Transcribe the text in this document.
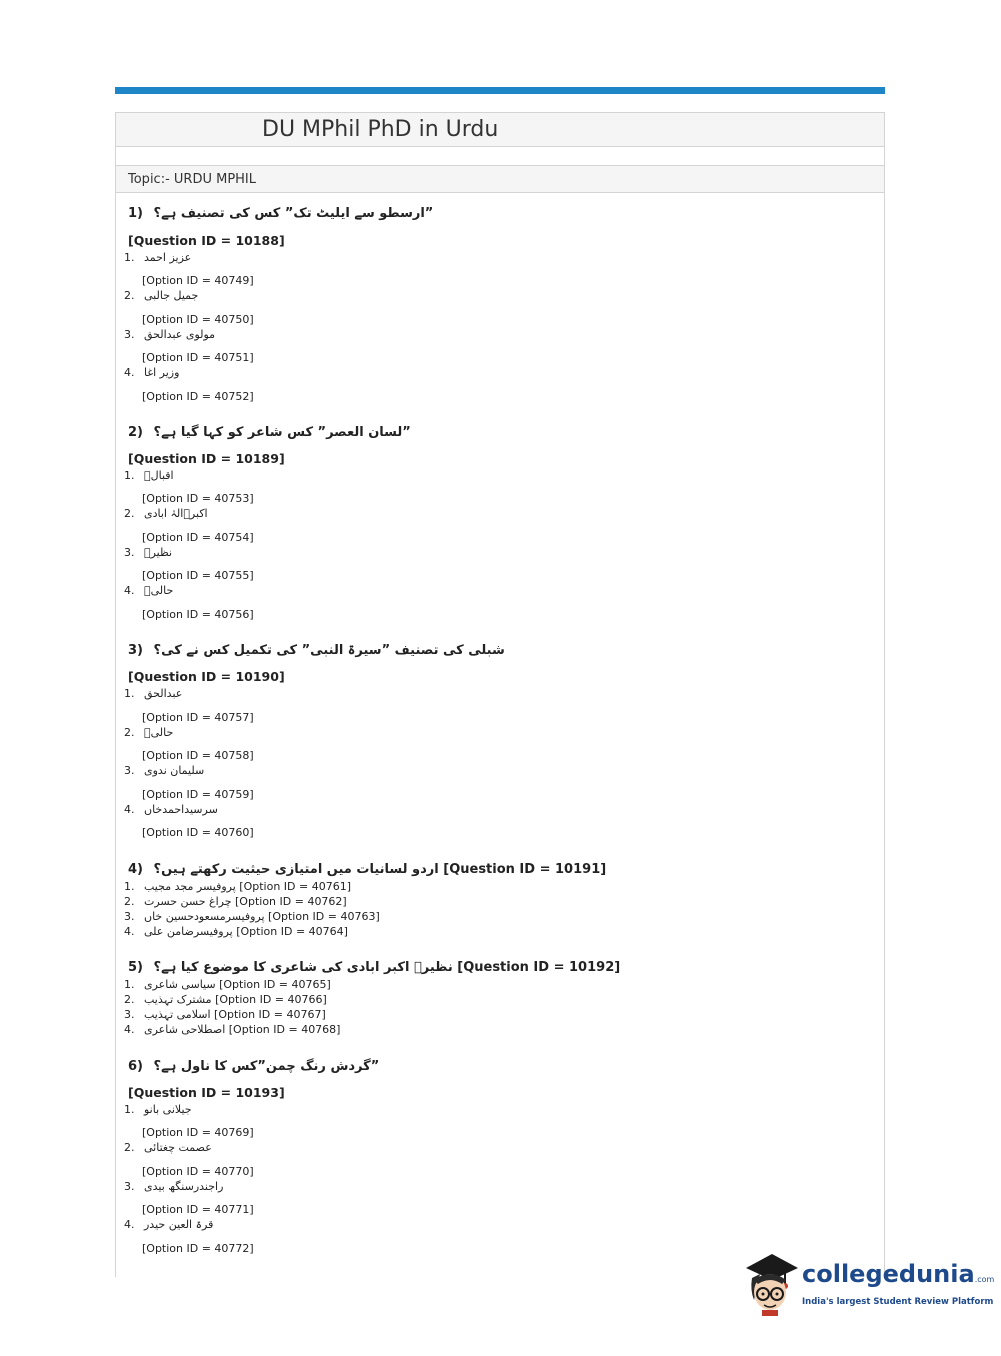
DU MPhil PhD in Urdu
Topic:- URDU MPHIL
1) ”ارسطو سے ایلیٹ تک” کس کی تصنیف ہے؟
[Question ID = 10188]
1. عزیز احمد
[Option ID = 40749]
2. جمیل جالبی
[Option ID = 40750]
3. مولوی عبدالحق
[Option ID = 40751]
4. وزیر اغا
[Option ID = 40752]
2) ”لسان العصر” کس شاعر کو کہا گیا ہے؟
[Question ID = 10189]
1. اقبالؔ
[Option ID = 40753]
2. اکبرؔالہٰ ابادی
[Option ID = 40754]
3. نظیرؔ
[Option ID = 40755]
4. حالیؔ
[Option ID = 40756]
3) شبلی کی تصنیف ”سیرۃ النبی” کی تکمیل کس نے کی؟
[Question ID = 10190]
1. عبدالحق
[Option ID = 40757]
2. حالیؔ
[Option ID = 40758]
3. سلیمان ندوی
[Option ID = 40759]
4. سرسیداحمدخاں
[Option ID = 40760]
4) اردو لسانیات میں امتیازی حیثیت رکھتے ہیں؟ [Question ID = 10191]
1. پروفیسر مجد مجیب [Option ID = 40761]
2. چراغ حسن حسرت [Option ID = 40762]
3. پروفیسرمسعودحسین خاں [Option ID = 40763]
4. پروفیسرضامن علی [Option ID = 40764]
5) نظیرؔ اکبر ابادی کی شاعری کا موضوع کیا ہے؟ [Question ID = 10192]
1. سیاسی شاعری [Option ID = 40765]
2. مشترک تہذیب [Option ID = 40766]
3. اسلامی تہذیب [Option ID = 40767]
4. اصطلاحی شاعری [Option ID = 40768]
6) ”گردش رنگ چمن”کس کا ناول ہے؟
[Question ID = 10193]
1. جیلانی بانو
[Option ID = 40769]
2. عصمت چغتائی
[Option ID = 40770]
3. راجندرسنگھ بیدی
[Option ID = 40771]
4. قرۃ العین حیدر
[Option ID = 40772]
collegedunia.com
India's largest Student Review Platform
